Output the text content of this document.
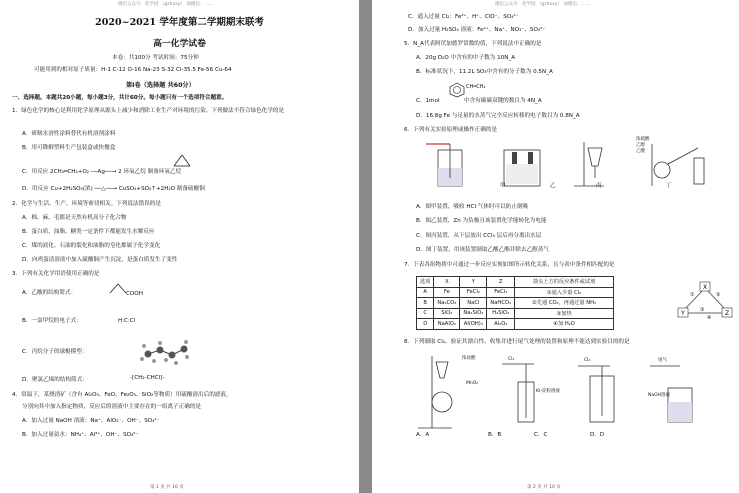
微信公众号：化学园 （gzhxxy） 加微信：……
2020~2021 学年度第二学期期末联考
高一化学试卷
本卷：共100分 考试时间：75分钟
可能用到的相对原子质量：H-1 C-12 O-16 Na-23 S-32 Cl-35.5 Fe-56 Cu-64
第Ⅰ卷（选择题 共60分）
一、选择题。本题共20小题，每小题3分，共计60分。每小题只有一个选项符合题意。
1．绿色化学的核心是利用化学原理从源头上减少和消除工业生产对环境的污染。下列做法不符合绿色化学的是
A．研制水溶性涂料替代有机溶剂涂料
B．用可降解塑料生产包装盒或快餐盒
C．用反应 2CH₂═CH₂+O₂ ──Ag──→ 2 环氧乙烷 制备环氧乙烷
D．用反应 Cu+2H₂SO₄(浓) ──△──→ CuSO₄+SO₂↑+2H₂O 制备硫酸铜
2．化学与生活、生产、环境等密切相关。下列说法错误的是
A．棉、麻、毛都是天然有机高分子化合物
B．蛋白质、油脂、糖类一定条件下都能发生水解反应
C．煤的液化、石油的裂化和油脂的皂化都属于化学变化
D．向鸡蛋清溶液中加入硫酸铜产生沉淀，是蛋白质发生了变性
3．下列有关化学用语使用正确的是
A．乙酸的结构简式：	COOH
B．一氯甲烷的电子式：	H:C:Cl
C．丙烷分子的球棍模型：
D．聚氯乙烯的结构简式：	-[CH₂-CHCl]-
4．常温下，某烧渣矿（含有 Al₂O₃、FeO、Fe₂O₃、SiO₂等物质）用硫酸溶出后的滤液，
分别向其中加入指定物质，反应后的溶液中主要存在的一组离子正确的是
A．加入过量 NaOH 溶液：Na⁺、AlO₂⁻、OH⁻、SO₄²⁻
B．加入过量氨水：NH₄⁺、Al³⁺、OH⁻、SO₄²⁻
第 1 页 共 10 页
微信公众号：化学园 （gzhxxy） 加微信：……
C．通入过量 Cl₂：Fe³⁺、H⁺、ClO⁻、SO₄²⁻
D．加入过量 H₂SO₄ 溶液：Fe²⁺、Na⁺、NO₃⁻、SO₄²⁻
5．N_A代表阿伏加德罗常数的值，下列说法中正确的是
A．20g D₂O 中含有的中子数为 10N_A
B．标准状况下，11.2L SO₃中含有的分子数为 0.5N_A
CH═CH₂
C．1mol	中含有碳碳双键的数目为 4N_A
D．16.8g Fe 与足量的水蒸气完全反应转移的电子数目为 0.8N_A
6．下列有关实验原理或操作正确的是
甲	乙	丙	丁
浓硫酸
乙醇
乙酸
A．图甲装置，吸收 HCl 气体时可以防止倒吸
B．图乙装置，Zn 为负极且该装置化学能转化为电能
C．图丙装置，从下层放出 CCl₄ 层后再分离出水层
D．图丁装置，用该装置制取乙酸乙酯并除去乙醇蒸气
7．下表各组物质中可通过一步反应实现如图所示转化关系，且与表中条件相匹配的是
选项	X	Y	Z	箭头上方的反应条件或试剂
A	Fe	FeCl₂	FeCl₃	①通入少量 Cl₂
B	Na₂CO₃	NaCl	NaHCO₃	②先通 CO₂，再通过量 NH₃
C	SiO₂	Na₂SiO₃	H₂SiO₃	③加热
D	NaAlO₂	Al(OH)₃	Al₂O₃	④加 H₂O
X
Y	Z
①	②
③
④
8．下列制取 Cl₂、验证其漂白性、收集并进行尾气处理的装置和原理不能达到实验目的的是
浓盐酸
MnO₂
Cl₂
KI-淀粉溶液
Cl₂	尾气
NaOH溶液
A．A	B．B	C．C	D．D
第 2 页 共 10 页
